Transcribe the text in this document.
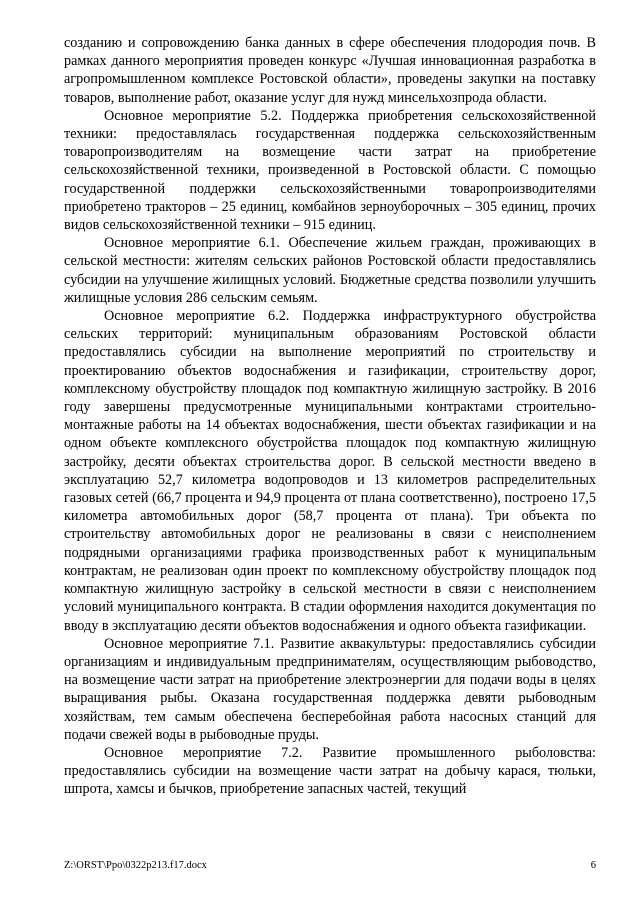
созданию и сопровождению банка данных в сфере обеспечения плодородия почв. В рамках данного мероприятия проведен конкурс «Лучшая инновационная разработка в агропромышленном комплексе Ростовской области», проведены закупки на поставку товаров, выполнение работ, оказание услуг для нужд минсельхозпрода области.

Основное мероприятие 5.2. Поддержка приобретения сельскохозяйственной техники: предоставлялась государственная поддержка сельскохозяйственным товаропроизводителям на возмещение части затрат на приобретение сельскохозяйственной техники, произведенной в Ростовской области. С помощью государственной поддержки сельскохозяйственными товаропроизводителями приобретено тракторов – 25 единиц, комбайнов зерноуборочных – 305 единиц, прочих видов сельскохозяйственной техники – 915 единиц.

Основное мероприятие 6.1. Обеспечение жильем граждан, проживающих в сельской местности: жителям сельских районов Ростовской области предоставлялись субсидии на улучшение жилищных условий. Бюджетные средства позволили улучшить жилищные условия 286 сельским семьям.

Основное мероприятие 6.2. Поддержка инфраструктурного обустройства сельских территорий: муниципальным образованиям Ростовской области предоставлялись субсидии на выполнение мероприятий по строительству и проектированию объектов водоснабжения и газификации, строительству дорог, комплексному обустройству площадок под компактную жилищную застройку. В 2016 году завершены предусмотренные муниципальными контрактами строительно-монтажные работы на 14 объектах водоснабжения, шести объектах газификации и на одном объекте комплексного обустройства площадок под компактную жилищную застройку, десяти объектах строительства дорог. В сельской местности введено в эксплуатацию 52,7 километра водопроводов и 13 километров распределительных газовых сетей (66,7 процента и 94,9 процента от плана соответственно), построено 17,5 километра автомобильных дорог (58,7 процента от плана). Три объекта по строительству автомобильных дорог не реализованы в связи с неисполнением подрядными организациями графика производственных работ к муниципальным контрактам, не реализован один проект по комплексному обустройству площадок под компактную жилищную застройку в сельской местности в связи с неисполнением условий муниципального контракта. В стадии оформления находится документация по вводу в эксплуатацию десяти объектов водоснабжения и одного объекта газификации.

Основное мероприятие 7.1. Развитие аквакультуры: предоставлялись субсидии организациям и индивидуальным предпринимателям, осуществляющим рыбоводство, на возмещение части затрат на приобретение электроэнергии для подачи воды в целях выращивания рыбы. Оказана государственная поддержка девяти рыбоводным хозяйствам, тем самым обеспечена бесперебойная работа насосных станций для подачи свежей воды в рыбоводные пруды.

Основное мероприятие 7.2. Развитие промышленного рыболовства: предоставлялись субсидии на возмещение части затрат на добычу карася, тюльки, шпрота, хамсы и бычков, приобретение запасных частей, текущий

Z:\ORST\Ppo\0322p213.f17.docx	6
